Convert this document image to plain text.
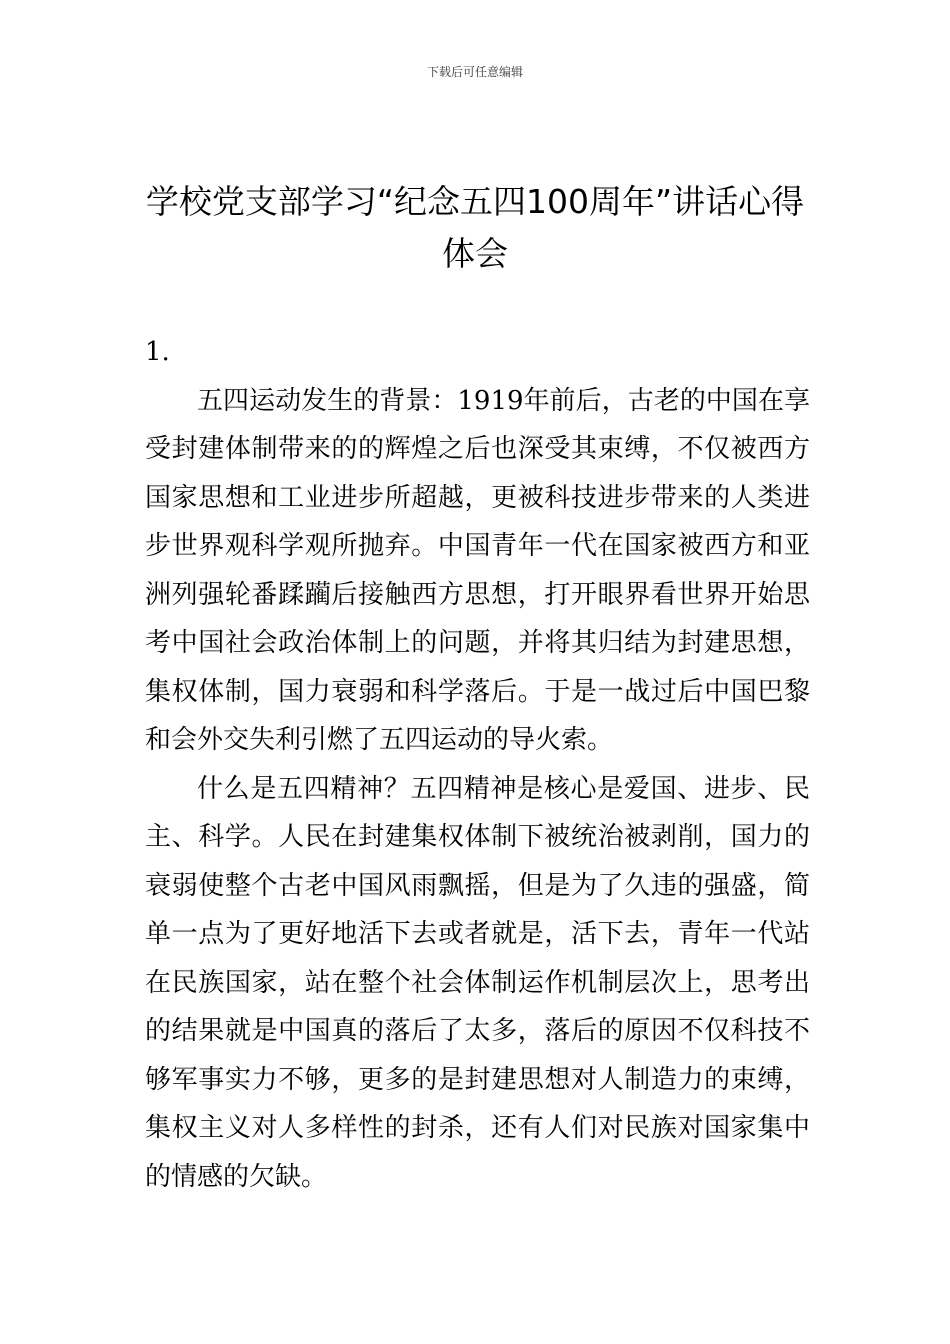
下载后可任意编辑
学校党支部学习“纪念五四100周年”讲话心得体会

1.

五四运动发生的背景：1919年前后，古老的中国在享受封建体制带来的的辉煌之后也深受其束缚，不仅被西方国家思想和工业进步所超越，更被科技进步带来的人类进步世界观科学观所抛弃。中国青年一代在国家被西方和亚洲列强轮番蹂躏后接触西方思想，打开眼界看世界开始思考中国社会政治体制上的问题，并将其归结为封建思想，集权体制，国力衰弱和科学落后。于是一战过后中国巴黎和会外交失利引燃了五四运动的导火索。

什么是五四精神？五四精神是核心是爱国、进步、民主、科学。人民在封建集权体制下被统治被剥削，国力的衰弱使整个古老中国风雨飘摇，但是为了久违的强盛，简单一点为了更好地活下去或者就是，活下去，青年一代站在民族国家，站在整个社会体制运作机制层次上，思考出的结果就是中国真的落后了太多，落后的原因不仅科技不够军事实力不够，更多的是封建思想对人制造力的束缚，集权主义对人多样性的封杀，还有人们对民族对国家集中的情感的欠缺。
